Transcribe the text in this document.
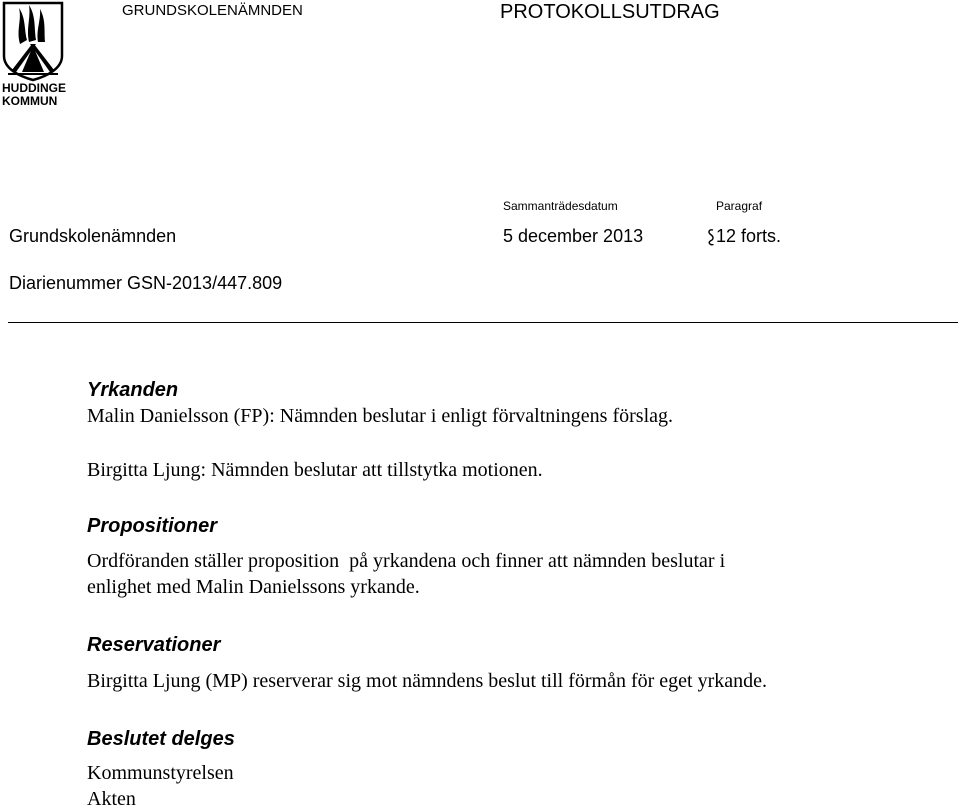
HUDDINGE
KOMMUN
GRUNDSKOLENÄMNDEN	PROTOKOLLSUTDRAG
Sammanträdesdatum	Paragraf
Grundskolenämnden	5 december 2013	12 forts.
Diarienummer GSN-2013/447.809
Yrkanden
Malin Danielsson (FP): Nämnden beslutar i enligt förvaltningens förslag.
Birgitta Ljung: Nämnden beslutar att tillstytka motionen.
Propositioner
Ordföranden ställer proposition  på yrkandena och finner att nämnden beslutar i
enlighet med Malin Danielssons yrkande.
Reservationer
Birgitta Ljung (MP) reserverar sig mot nämndens beslut till förmån för eget yrkande.
Beslutet delges
Kommunstyrelsen
Akten
